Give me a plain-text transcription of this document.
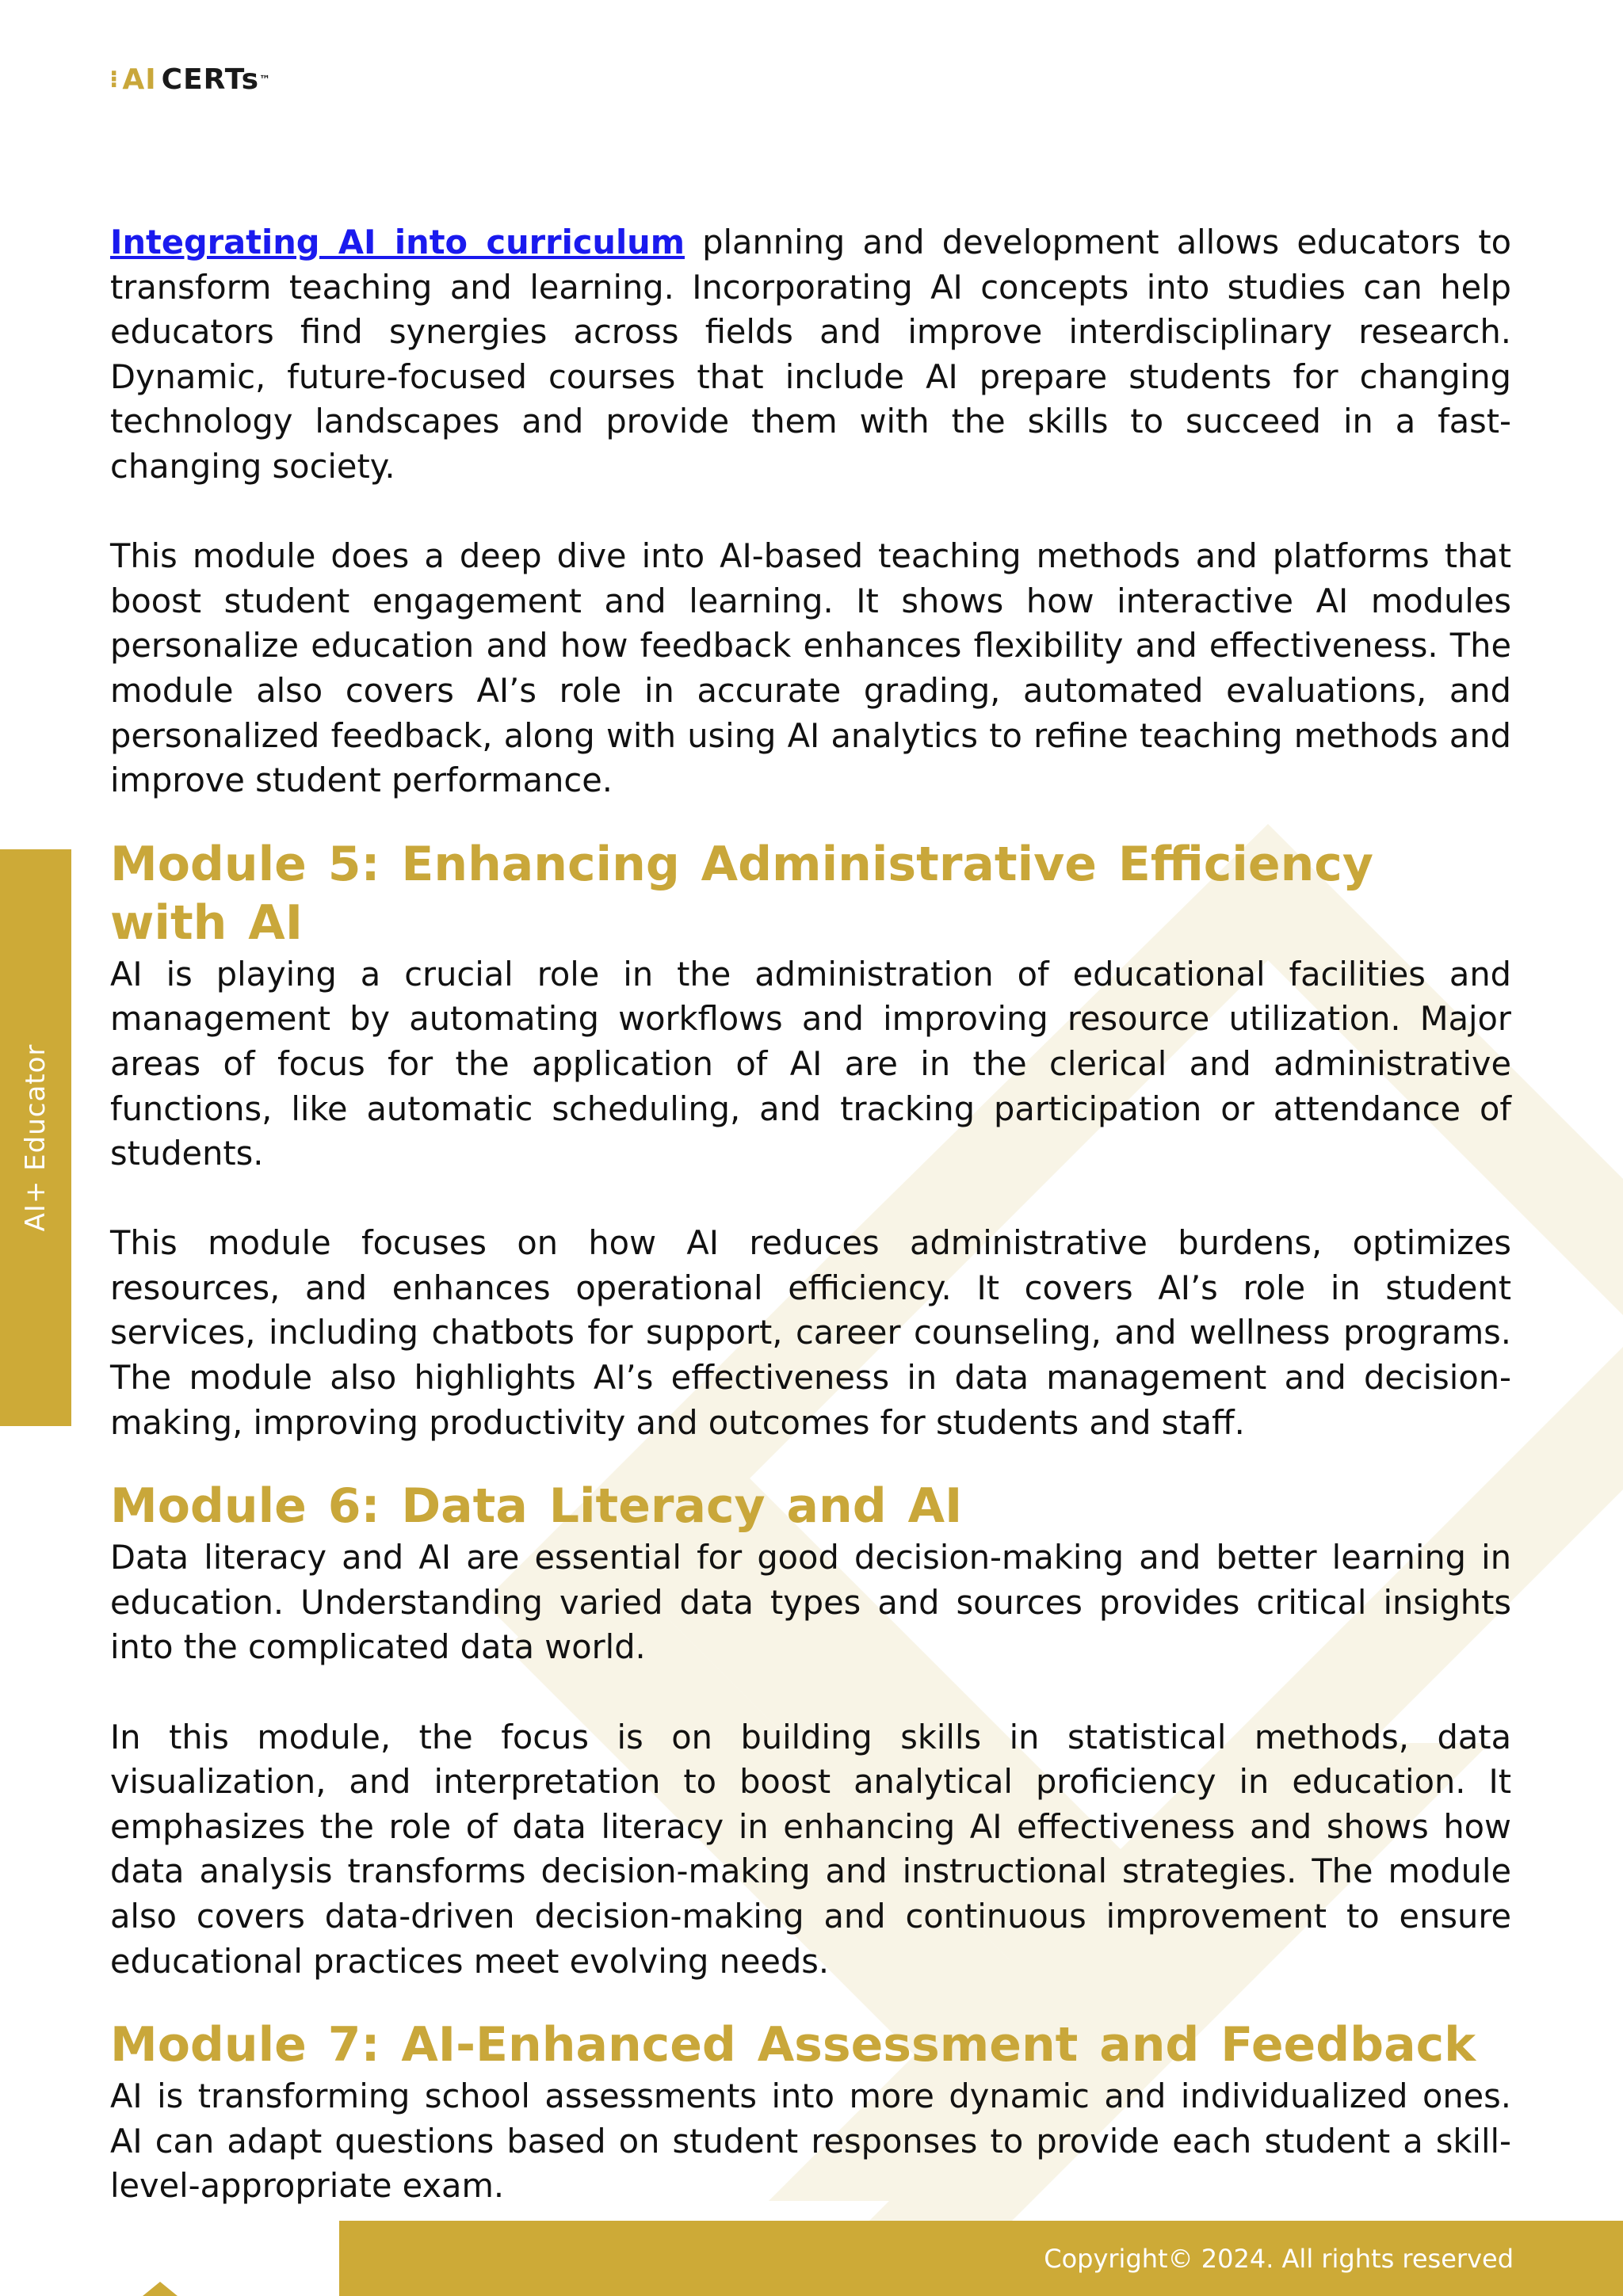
⁝ AI CERTs ™
AI+ Educator

Integrating AI into curriculum planning and development allows educators to transform teaching and learning. Incorporating AI concepts into studies can help educators find synergies across fields and improve interdisciplinary research. Dynamic, future-focused courses that include AI prepare students for changing technology landscapes and provide them with the skills to succeed in a fast-changing society.

This module does a deep dive into AI-based teaching methods and platforms that boost student engagement and learning. It shows how interactive AI modules personalize education and how feedback enhances flexibility and effectiveness. The module also covers AI’s role in accurate grading, automated evaluations, and personalized feedback, along with using AI analytics to refine teaching methods and improve student performance.

Module 5: Enhancing Administrative Efficiency with AI

AI is playing a crucial role in the administration of educational facilities and management by automating workflows and improving resource utilization. Major areas of focus for the application of AI are in the clerical and administrative functions, like automatic scheduling, and tracking participation or attendance of students.

This module focuses on how AI reduces administrative burdens, optimizes resources, and enhances operational efficiency. It covers AI’s role in student services, including chatbots for support, career counseling, and wellness programs. The module also highlights AI’s effectiveness in data management and decision-making, improving productivity and outcomes for students and staff.

Module 6: Data Literacy and AI

Data literacy and AI are essential for good decision-making and better learning in education. Understanding varied data types and sources provides critical insights into the complicated data world.

In this module, the focus is on building skills in statistical methods, data visualization, and interpretation to boost analytical proficiency in education. It emphasizes the role of data literacy in enhancing AI effectiveness and shows how data analysis transforms decision-making and instructional strategies. The module also covers data-driven decision-making and continuous improvement to ensure educational practices meet evolving needs.

Module 7: AI-Enhanced Assessment and Feedback

AI is transforming school assessments into more dynamic and individualized ones. AI can adapt questions based on student responses to provide each student a skill-level-appropriate exam.

Copyright© 2024. All rights reserved
